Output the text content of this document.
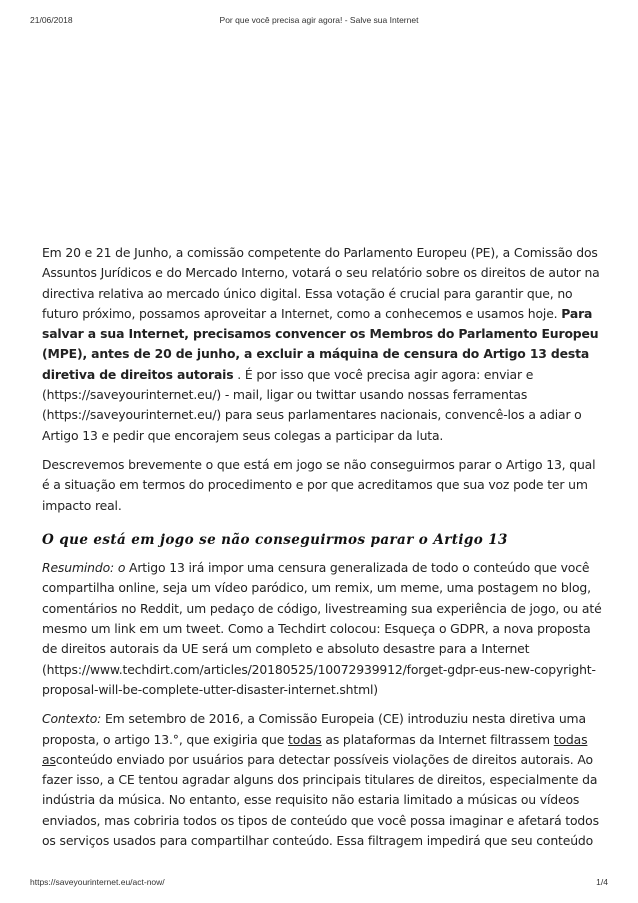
21/06/2018	Por que você precisa agir agora! - Salve sua Internet

Em 20 e 21 de Junho, a comissão competente do Parlamento Europeu (PE), a Comissão dos Assuntos Jurídicos e do Mercado Interno, votará o seu relatório sobre os direitos de autor na directiva relativa ao mercado único digital. Essa votação é crucial para garantir que, no futuro próximo, possamos aproveitar a Internet, como a conhecemos e usamos hoje. Para salvar a sua Internet, precisamos convencer os Membros do Parlamento Europeu (MPE), antes de 20 de junho, a excluir a máquina de censura do Artigo 13 desta diretiva de direitos autorais . É por isso que você precisa agir agora: enviar e (https://saveyourinternet.eu/) - mail, ligar ou twittar usando nossas ferramentas (https://saveyourinternet.eu/) para seus parlamentares nacionais, convencê-los a adiar o Artigo 13 e pedir que encorajem seus colegas a participar da luta.

Descrevemos brevemente o que está em jogo se não conseguirmos parar o Artigo 13, qual é a situação em termos do procedimento e por que acreditamos que sua voz pode ter um impacto real.

O que está em jogo se não conseguirmos parar o Artigo 13

Resumindo: o Artigo 13 irá impor uma censura generalizada de todo o conteúdo que você compartilha online, seja um vídeo paródico, um remix, um meme, uma postagem no blog, comentários no Reddit, um pedaço de código, livestreaming sua experiência de jogo, ou até mesmo um link em um tweet. Como a Techdirt colocou: Esqueça o GDPR, a nova proposta de direitos autorais da UE será um completo e absoluto desastre para a Internet (https://www.techdirt.com/articles/20180525/10072939912/forget-gdpr-eus-new-copyright-proposal-will-be-complete-utter-disaster-internet.shtml)

Contexto: Em setembro de 2016, a Comissão Europeia (CE) introduziu nesta diretiva uma proposta, o artigo 13.°, que exigiria que todas as plataformas da Internet filtrassem todas asconteúdo enviado por usuários para detectar possíveis violações de direitos autorais. Ao fazer isso, a CE tentou agradar alguns dos principais titulares de direitos, especialmente da indústria da música. No entanto, esse requisito não estaria limitado a músicas ou vídeos enviados, mas cobriria todos os tipos de conteúdo que você possa imaginar e afetará todos os serviços usados para compartilhar conteúdo. Essa filtragem impedirá que seu conteúdo

https://saveyourinternet.eu/act-now/	1/4
